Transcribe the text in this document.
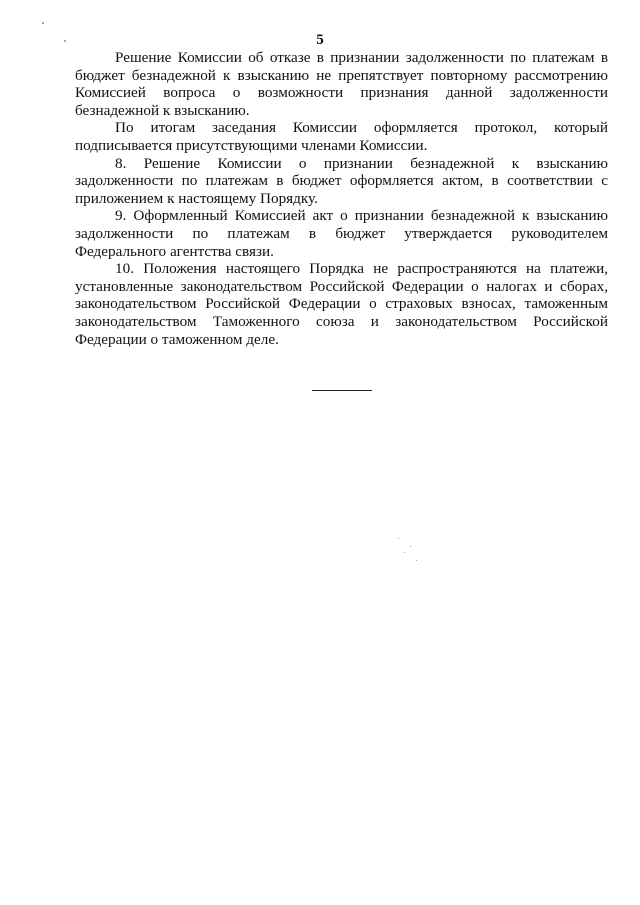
5

Решение Комиссии об отказе в признании задолженности по платежам в бюджет безнадежной к взысканию не препятствует повторному рассмотрению Комиссией вопроса о возможности признания данной задолженности безнадежной к взысканию.

По итогам заседания Комиссии оформляется протокол, который подписывается присутствующими членами Комиссии.

8. Решение Комиссии о признании безнадежной к взысканию задолженности по платежам в бюджет оформляется актом, в соответствии с приложением к настоящему Порядку.

9. Оформленный Комиссией акт о признании безнадежной к взысканию задолженности по платежам в бюджет утверждается руководителем Федерального агентства связи.

10. Положения настоящего Порядка не распространяются на платежи, установленные законодательством Российской Федерации о налогах и сборах, законодательством Российской Федерации о страховых взносах, таможенным законодательством Таможенного союза и законодательством Российской Федерации о таможенном деле.
